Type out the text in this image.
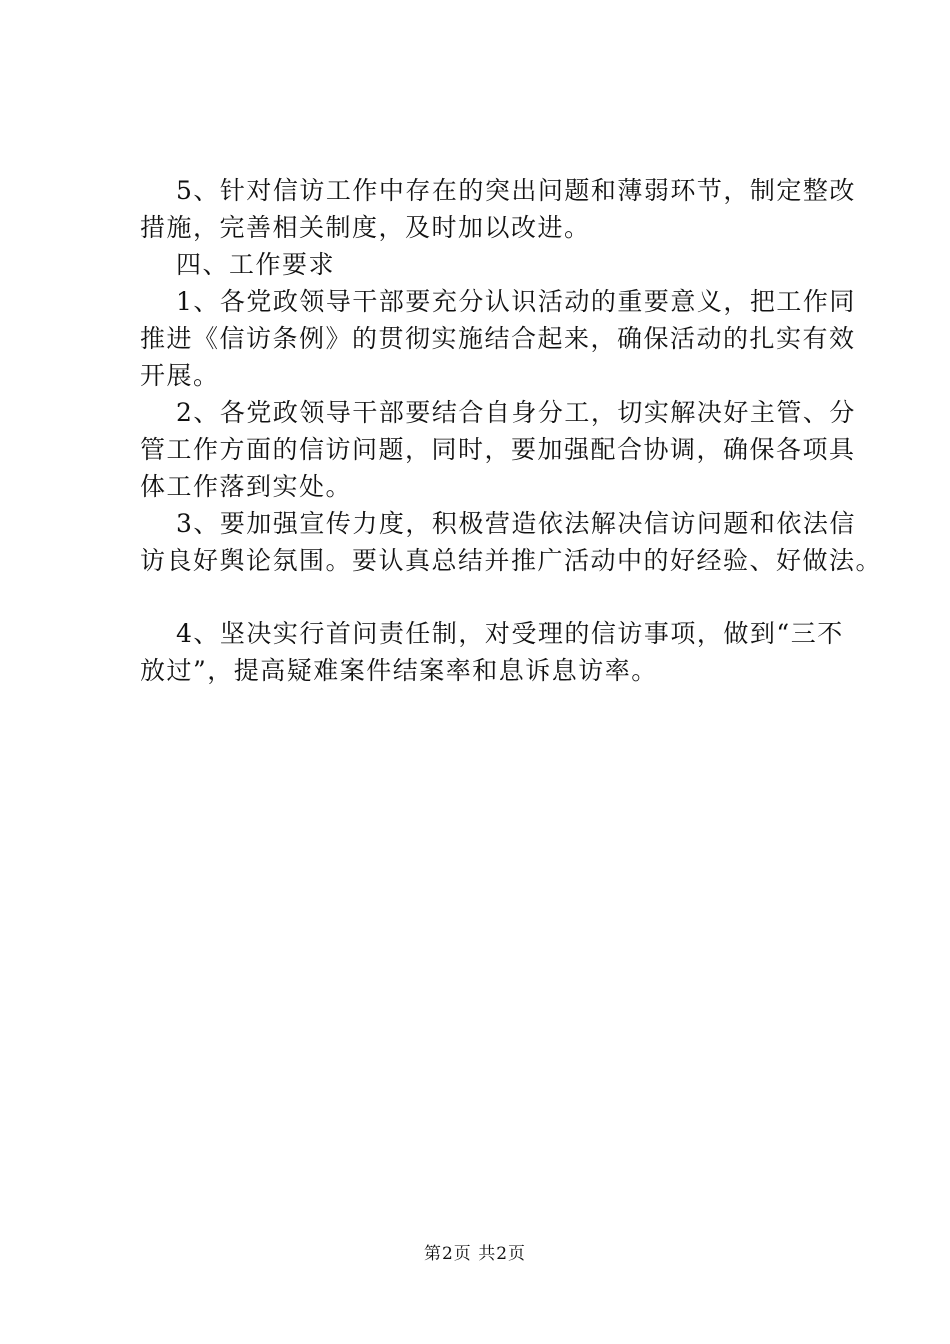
5、针对信访工作中存在的突出问题和薄弱环节，制定整改
措施，完善相关制度，及时加以改进。
四、工作要求
1、各党政领导干部要充分认识活动的重要意义，把工作同
推进《信访条例》的贯彻实施结合起来，确保活动的扎实有效
开展。
2、各党政领导干部要结合自身分工，切实解决好主管、分
管工作方面的信访问题，同时，要加强配合协调，确保各项具
体工作落到实处。
3、要加强宣传力度，积极营造依法解决信访问题和依法信
访良好舆论氛围。要认真总结并推广活动中的好经验、好做法。
4、坚决实行首问责任制，对受理的信访事项，做到“三不
放过”，提高疑难案件结案率和息诉息访率。
第2页 共2页
